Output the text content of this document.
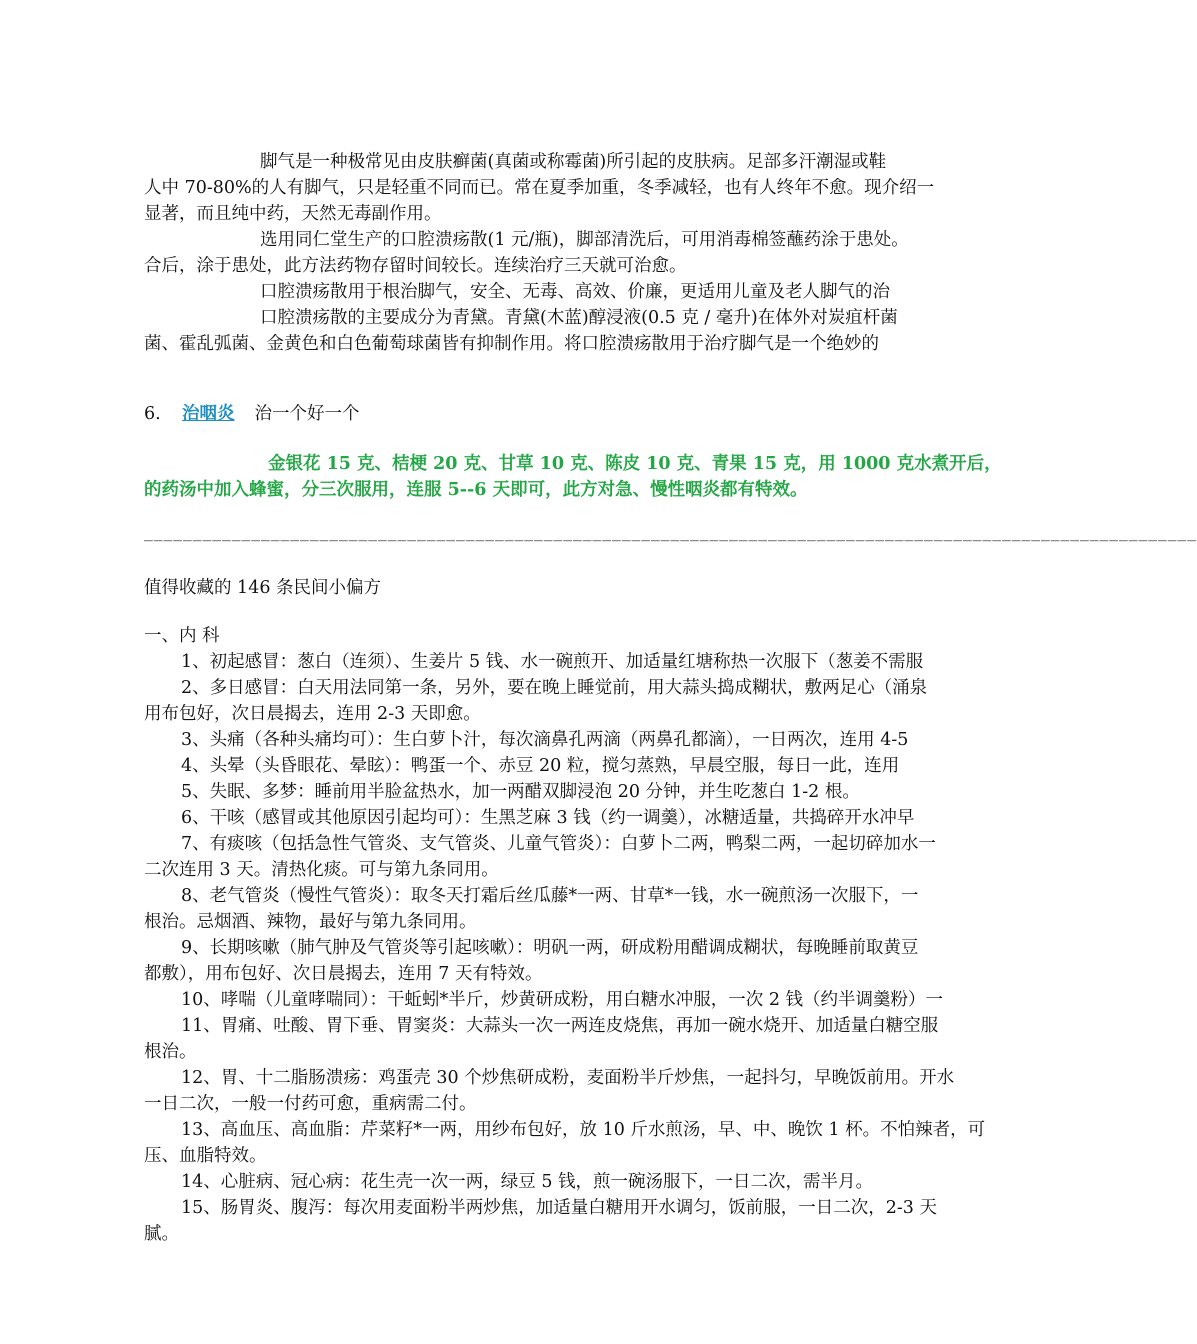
脚气是一种极常见由皮肤癣菌(真菌或称霉菌)所引起的皮肤病。足部多汗潮湿或鞋
人中 70-80%的人有脚气，只是轻重不同而已。常在夏季加重，冬季减轻，也有人终年不愈。现介绍一
显著，而且纯中药，天然无毒副作用。
选用同仁堂生产的口腔溃疡散(1 元/瓶)，脚部清洗后，可用消毒棉签蘸药涂于患处。
合后，涂于患处，此方法药物存留时间较长。连续治疗三天就可治愈。
口腔溃疡散用于根治脚气，安全、无毒、高效、价廉，更适用儿童及老人脚气的治
口腔溃疡散的主要成分为青黛。青黛(木蓝)醇浸液(0.5 克 / 毫升)在体外对炭疽杆菌
菌、霍乱弧菌、金黄色和白色葡萄球菌皆有抑制作用。将口腔溃疡散用于治疗脚气是一个绝妙的
6. 治咽炎 治一个好一个
金银花 15 克、桔梗 20 克、甘草 10 克、陈皮 10 克、青果 15 克，用 1000 克水煮开后，
的药汤中加入蜂蜜，分三次服用，连服 5--6 天即可，此方对急、慢性咽炎都有特效。
____________________________________________________________________________________________________________
值得收藏的 146 条民间小偏方
一、内 科
1、初起感冒：葱白（连须）、生姜片 5 钱、水一碗煎开、加适量红塘称热一次服下（葱姜不需服
2、多日感冒：白天用法同第一条，另外，要在晚上睡觉前，用大蒜头捣成糊状，敷两足心（涌泉
用布包好，次日晨揭去，连用 2-3 天即愈。
3、头痛（各种头痛均可）：生白萝卜汁，每次滴鼻孔两滴（两鼻孔都滴），一日两次，连用 4-5
4、头晕（头昏眼花、晕眩）：鸭蛋一个、赤豆 20 粒，搅匀蒸熟，早晨空服，每日一此，连用
5、失眠、多梦：睡前用半脸盆热水，加一两醋双脚浸泡 20 分钟，并生吃葱白 1-2 根。
6、干咳（感冒或其他原因引起均可）：生黑芝麻 3 钱（约一调羹），冰糖适量，共捣碎开水冲早
7、有痰咳（包括急性气管炎、支气管炎、儿童气管炎）：白萝卜二两，鸭梨二两，一起切碎加水一
二次连用 3 天。清热化痰。可与第九条同用。
8、老气管炎（慢性气管炎）：取冬天打霜后丝瓜藤*一两、甘草*一钱，水一碗煎汤一次服下，一
根治。忌烟酒、辣物，最好与第九条同用。
9、长期咳嗽（肺气肿及气管炎等引起咳嗽）：明矾一两，研成粉用醋调成糊状，每晚睡前取黄豆
都敷），用布包好、次日晨揭去，连用 7 天有特效。
10、哮喘（儿童哮喘同）：干蚯蚓*半斤，炒黄研成粉，用白糖水冲服，一次 2 钱（约半调羹粉）一
11、胃痛、吐酸、胃下垂、胃窦炎：大蒜头一次一两连皮烧焦，再加一碗水烧开、加适量白糖空服
根治。
12、胃、十二脂肠溃疡：鸡蛋壳 30 个炒焦研成粉，麦面粉半斤炒焦，一起抖匀，早晚饭前用。开水
一日二次，一般一付药可愈，重病需二付。
13、高血压、高血脂：芹菜籽*一两，用纱布包好，放 10 斤水煎汤，早、中、晚饮 1 杯。不怕辣者，可
压、血脂特效。
14、心脏病、冠心病：花生壳一次一两，绿豆 5 钱，煎一碗汤服下，一日二次，需半月。
15、肠胃炎、腹泻：每次用麦面粉半两炒焦，加适量白糖用开水调匀，饭前服，一日二次，2-3 天
腻。
